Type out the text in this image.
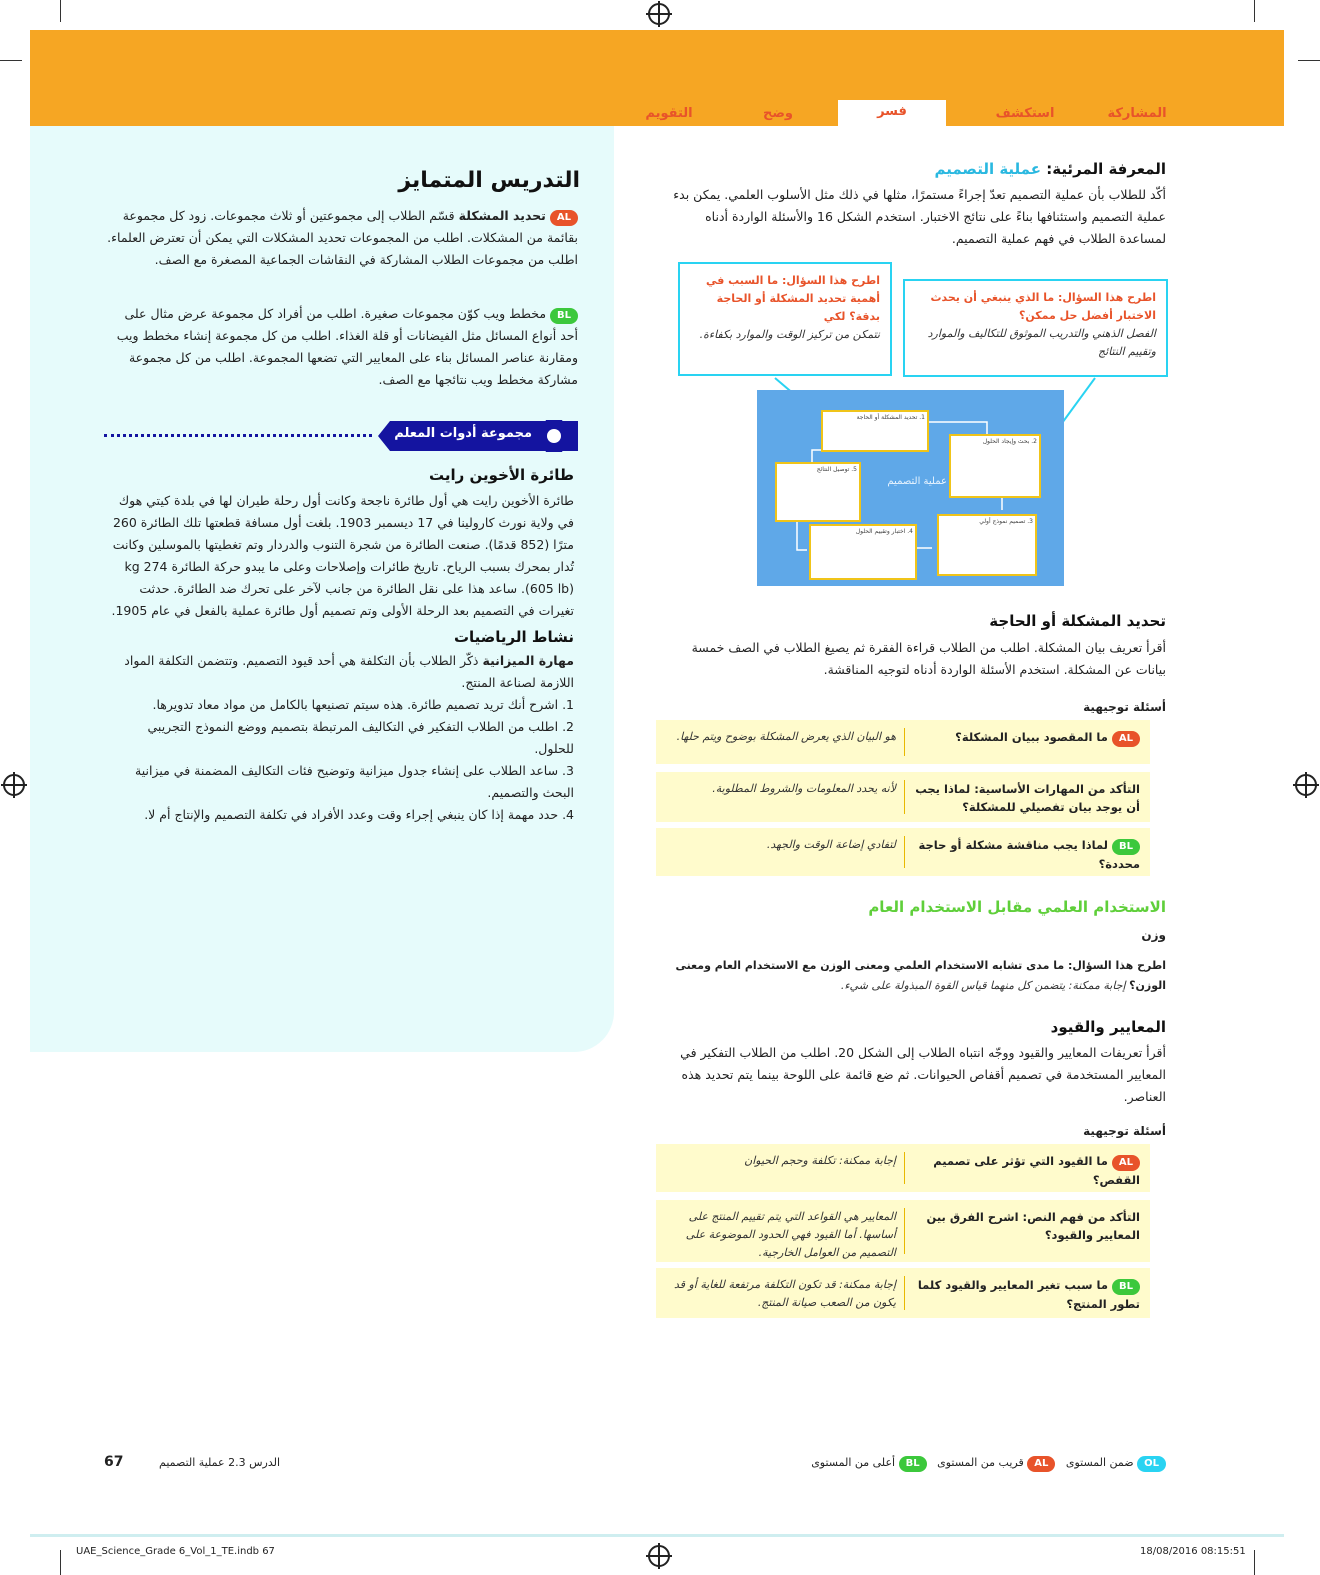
المشاركة
استكشف
فسر
وضح
التقويم
التدريس المتمايز
AL تحديد المشكلة قسّم الطلاب إلى مجموعتين أو ثلاث مجموعات. زود كل مجموعة بقائمة من المشكلات. اطلب من المجموعات تحديد المشكلات التي يمكن أن تعترض العلماء. اطلب من مجموعات الطلاب المشاركة في النقاشات الجماعية المصغرة مع الصف.
BL مخطط ويب كوّن مجموعات صغيرة. اطلب من أفراد كل مجموعة عرض مثال على أحد أنواع المسائل مثل الفيضانات أو قلة الغذاء. اطلب من كل مجموعة إنشاء مخطط ويب ومقارنة عناصر المسائل بناء على المعايير التي تضعها المجموعة. اطلب من كل مجموعة مشاركة مخطط ويب نتائجها مع الصف.
مجموعة أدوات المعلم
طائرة الأخوين رايت

طائرة الأخوين رايت هي أول طائرة ناجحة وكانت أول رحلة طيران لها في بلدة كيتي هوك في ولاية نورث كارولينا في 17 ديسمبر 1903. بلغت أول مسافة قطعتها تلك الطائرة 260 مترًا (852 قدمًا). صنعت الطائرة من شجرة التنوب والدردار وتم تغطيتها بالموسلين وكانت تُدار بمحرك بسبب الرياح. تاريخ طائرات وإصلاحات وعلى ما يبدو حركة الطائرة 274 kg (605 lb). ساعد هذا على نقل الطائرة من جانب لآخر على تحرك ضد الطائرة. حدثت تغيرات في التصميم بعد الرحلة الأولى وتم تصميم أول طائرة عملية بالفعل في عام 1905.

نشاط الرياضيات
مهارة الميزانية ذكّر الطلاب بأن التكلفة هي أحد قيود التصميم. وتتضمن التكلفة المواد اللازمة لصناعة المنتج.

1. اشرح أنك تريد تصميم طائرة. هذه سيتم تصنيعها بالكامل من مواد معاد تدويرها.

2. اطلب من الطلاب التفكير في التكاليف المرتبطة بتصميم ووضع النموذج التجريبي للحلول.

3. ساعد الطلاب على إنشاء جدول ميزانية وتوضيح فئات التكاليف المضمنة في ميزانية البحث والتصميم.

4. حدد مهمة إذا كان ينبغي إجراء وقت وعدد الأفراد في تكلفة التصميم والإنتاج أم لا.

المعرفة المرئية: عملية التصميم

أكّد للطلاب بأن عملية التصميم تعدّ إجراءً مستمرًا، مثلها في ذلك مثل الأسلوب العلمي. يمكن بدء عملية التصميم واستئنافها بناءً على نتائج الاختبار. استخدم الشكل 16 والأسئلة الواردة أدناه لمساعدة الطلاب في فهم عملية التصميم.

اطرح هذا السؤال: ما الذي ينبغي أن يحدث الاختبار أفضل حل ممكن؟
الفصل الذهني والتدريب الموثوق للتكاليف والموارد وتقييم النتائج
اطرح هذا السؤال: ما السبب في أهمية تحديد المشكلة أو الحاجة بدقة؟ لكي
نتمكن من تركيز الوقت والموارد بكفاءة.
1. تحديد المشكلة أو الحاجة
2. بحث وإيجاد الحلول
3. تصميم نموذج أولي
4. اختبار وتقييم الحلول
5. توصيل النتائج
عملية التصميم
تحديد المشكلة أو الحاجة

أقرأ تعريف بيان المشكلة. اطلب من الطلاب قراءة الفقرة ثم يصيغ الطلاب في الصف خمسة بيانات عن المشكلة. استخدم الأسئلة الواردة أدناه لتوجيه المناقشة.

أسئلة توجيهية
AL ما المقصود ببيان المشكلة؟
هو البيان الذي يعرض المشكلة بوضوح ويتم حلها.
التأكد من المهارات الأساسية: لماذا يجب أن يوجد بيان تفصيلي للمشكلة؟
لأنه يحدد المعلومات والشروط المطلوبة.
BL لماذا يجب مناقشة مشكلة أو حاجة محددة؟
لتفادي إضاعة الوقت والجهد.
الاستخدام العلمي مقابل الاستخدام العام
وزن
اطرح هذا السؤال: ما مدى تشابه الاستخدام العلمي ومعنى الوزن مع الاستخدام العام ومعنى الوزن؟ إجابة ممكنة: يتضمن كل منهما قياس القوة المبذولة على شيء.
المعايير والقيود

أقرأ تعريفات المعايير والقيود ووجّه انتباه الطلاب إلى الشكل 20. اطلب من الطلاب التفكير في المعايير المستخدمة في تصميم أقفاص الحيوانات. ثم ضع قائمة على اللوحة بينما يتم تحديد هذه العناصر.

أسئلة توجيهية
AL ما القيود التي تؤثر على تصميم القفص؟
إجابة ممكنة: تكلفة وحجم الحيوان
التأكد من فهم النص: اشرح الفرق بين المعايير والقيود؟
المعايير هي القواعد التي يتم تقييم المنتج على أساسها. أما القيود فهي الحدود الموضوعة على التصميم من العوامل الخارجية.
BL ما سبب تغير المعايير والقيود كلما تطور المنتج؟
إجابة ممكنة: قد تكون التكلفة مرتفعة للغاية أو قد يكون من الصعب صيانة المنتج.
67	الدرس 2.3 عملية التصميم	OL ضمن المستوى   AL قريب من المستوى   BL أعلى من المستوى
UAE_Science_Grade 6_Vol_1_TE.indb 67	18/08/2016 08:15:51
